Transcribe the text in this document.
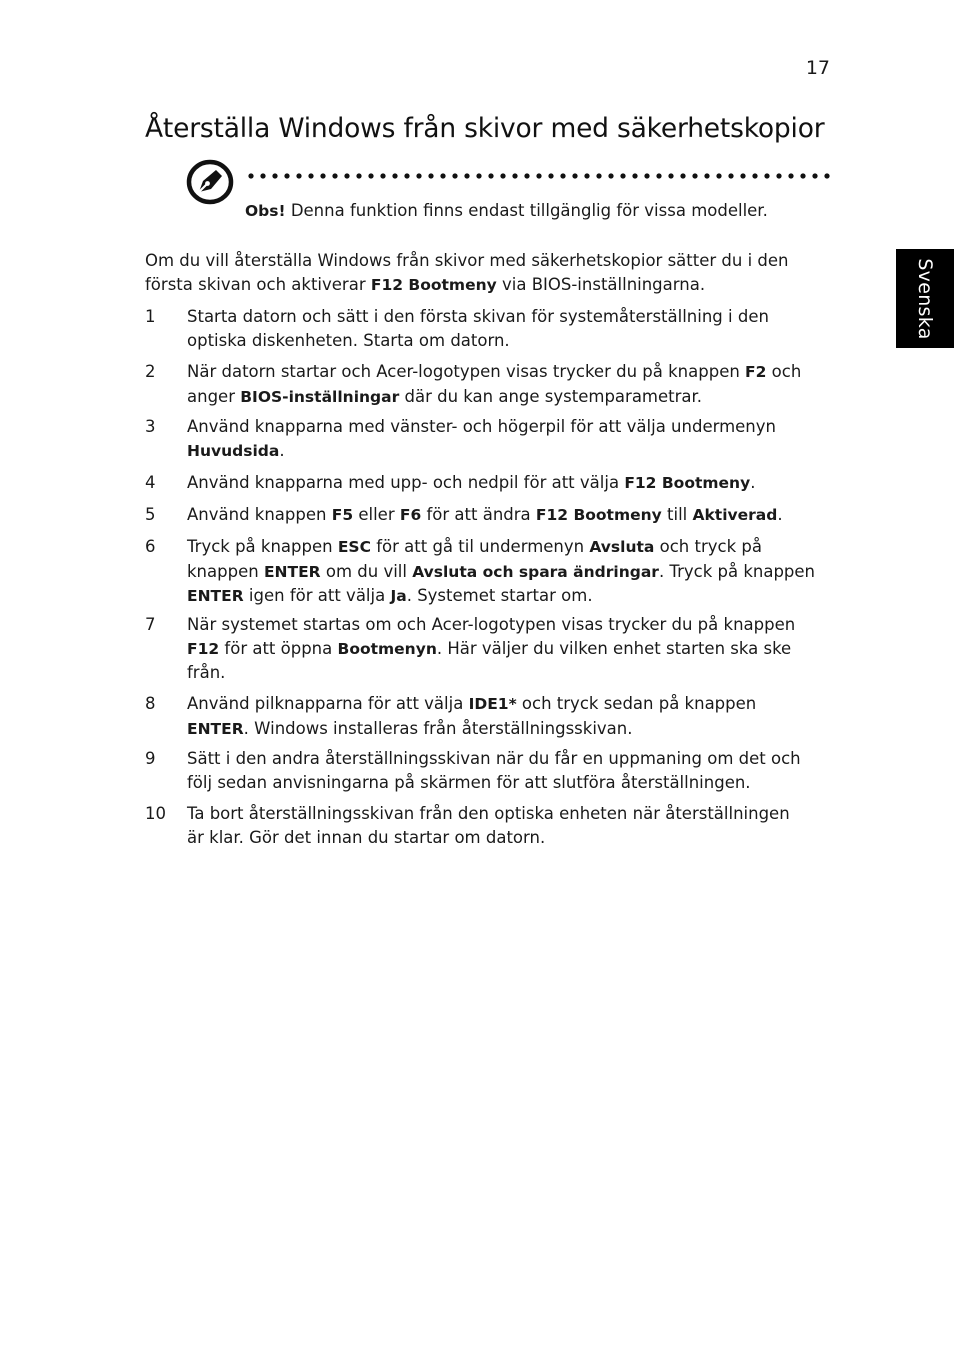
17
Återställa Windows från skivor med säkerhetskopior
Svenska
Obs! Denna funktion finns endast tillgänglig för vissa modeller.

Om du vill återställa Windows från skivor med säkerhetskopior sätter du i den
första skivan och aktiverar F12 Bootmeny via BIOS-inställningarna.

1	Starta datorn och sätt i den första skivan för systemåterställning i den
optiska diskenheten. Starta om datorn.
2	När datorn startar och Acer-logotypen visas trycker du på knappen F2 och
anger BIOS-inställningar där du kan ange systemparametrar.
3	Använd knapparna med vänster- och högerpil för att välja undermenyn
Huvudsida.
4	Använd knapparna med upp- och nedpil för att välja F12 Bootmeny.
5	Använd knappen F5 eller F6 för att ändra F12 Bootmeny till Aktiverad.
6	Tryck på knappen ESC för att gå til undermenyn Avsluta och tryck på
knappen ENTER om du vill Avsluta och spara ändringar. Tryck på knappen
ENTER igen för att välja Ja. Systemet startar om.
7	När systemet startas om och Acer-logotypen visas trycker du på knappen
F12 för att öppna Bootmenyn. Här väljer du vilken enhet starten ska ske
från.
8	Använd pilknapparna för att välja IDE1* och tryck sedan på knappen
ENTER. Windows installeras från återställningsskivan.
9	Sätt i den andra återställningsskivan när du får en uppmaning om det och
följ sedan anvisningarna på skärmen för att slutföra återställningen.
10	Ta bort återställningsskivan från den optiska enheten när återställningen
är klar. Gör det innan du startar om datorn.
